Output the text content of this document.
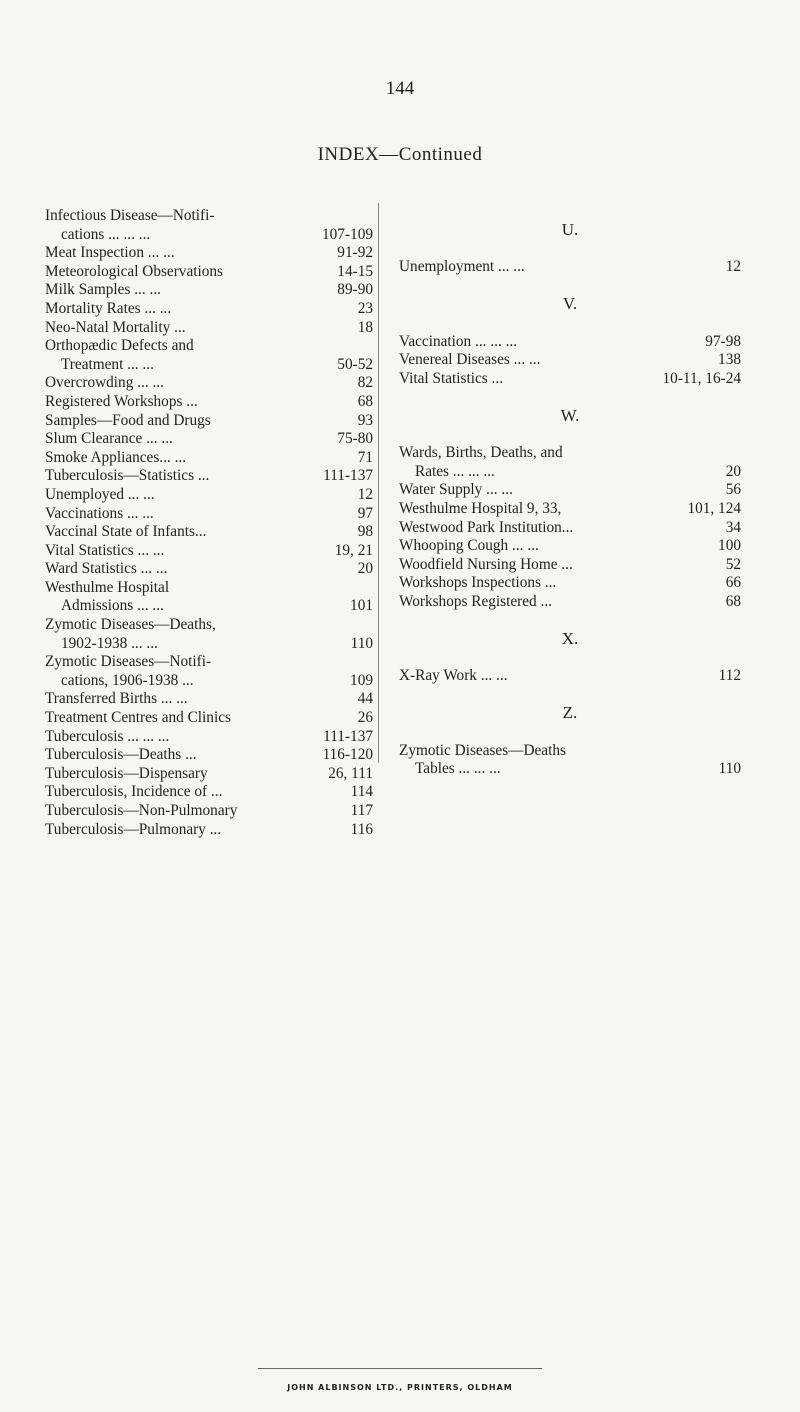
144
INDEX—Continued
Infectious Disease—Notifi-
cations ... ... ...	107-109
Meat Inspection ... ...	91-92
Meteorological Observations	14-15
Milk Samples ... ...	89-90
Mortality Rates ... ...	23
Neo-Natal Mortality ...	18
Orthopædic Defects and
Treatment ... ...	50-52
Overcrowding ... ...	82
Registered Workshops ...	68
Samples—Food and Drugs	93
Slum Clearance ... ...	75-80
Smoke Appliances... ...	71
Tuberculosis—Statistics ...	111-137
Unemployed ... ...	12
Vaccinations ... ...	97
Vaccinal State of Infants...	98
Vital Statistics ... ...	19, 21
Ward Statistics ... ...	20
Westhulme Hospital
Admissions ... ...	101
Zymotic Diseases—Deaths,
1902-1938 ... ...	110
Zymotic Diseases—Notifi-
cations, 1906-1938 ...	109
Transferred Births ... ...	44
Treatment Centres and Clinics	26
Tuberculosis ... ... ...	111-137
Tuberculosis—Deaths ...	116-120
Tuberculosis—Dispensary	26, 111
Tuberculosis, Incidence of ...	114
Tuberculosis—Non-Pulmonary	117
Tuberculosis—Pulmonary ...	116
U.
Unemployment ... ...	12
V.
Vaccination ... ... ...	97-98
Venereal Diseases ... ...	138
Vital Statistics ...	10-11, 16-24
W.
Wards, Births, Deaths, and
Rates ... ... ...	20
Water Supply ... ...	56
Westhulme Hospital 9, 33,	101, 124
Westwood Park Institution...	34
Whooping Cough ... ...	100
Woodfield Nursing Home ...	52
Workshops Inspections ...	66
Workshops Registered ...	68
X.
X-Ray Work ... ...	112
Z.
Zymotic Diseases—Deaths
Tables ... ... ...	110
JOHN ALBINSON LTD., PRINTERS, OLDHAM
